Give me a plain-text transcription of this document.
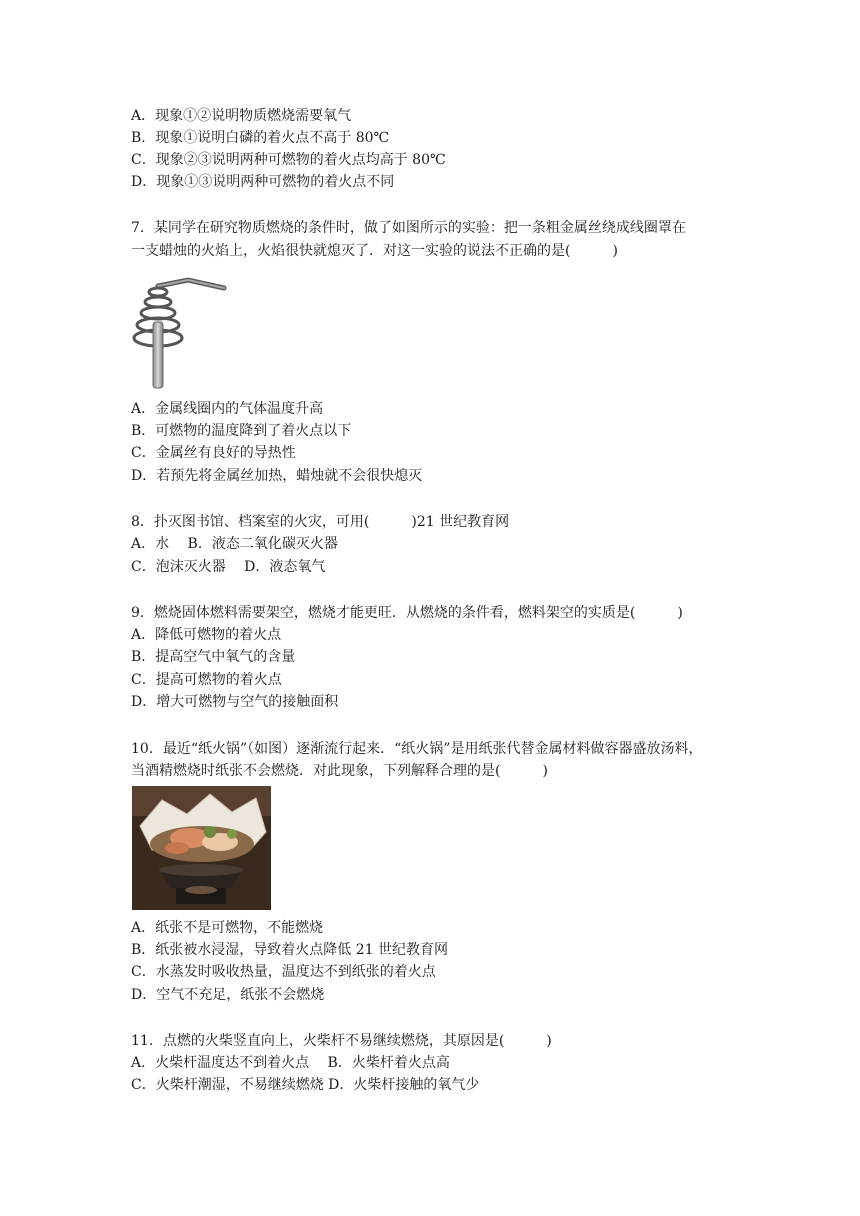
A．现象①②说明物质燃烧需要氧气
B．现象①说明白磷的着火点不高于 80℃
C．现象②③说明两种可燃物的着火点均高于 80℃
D．现象①③说明两种可燃物的着火点不同
7．某同学在研究物质燃烧的条件时，做了如图所示的实验：把一条粗金属丝绕成线圈罩在
一支蜡烛的火焰上，火焰很快就熄灭了．对这一实验的说法不正确的是(　　　)
A．金属线圈内的气体温度升高
B．可燃物的温度降到了着火点以下
C．金属丝有良好的导热性
D．若预先将金属丝加热，蜡烛就不会很快熄灭
8．扑灭图书馆、档案室的火灾，可用(　　　)21 世纪教育网
A．水　 B．液态二氧化碳灭火器
C．泡沫灭火器　 D．液态氧气
9．燃烧固体燃料需要架空，燃烧才能更旺．从燃烧的条件看，燃料架空的实质是(　　　)
A．降低可燃物的着火点
B．提高空气中氧气的含量
C．提高可燃物的着火点
D．增大可燃物与空气的接触面积
10．最近“纸火锅”（如图）逐渐流行起来．“纸火锅”是用纸张代替金属材料做容器盛放汤料，
当酒精燃烧时纸张不会燃烧．对此现象，下列解释合理的是(　　　)
A．纸张不是可燃物，不能燃烧
B．纸张被水浸湿，导致着火点降低 21 世纪教育网
C．水蒸发时吸收热量，温度达不到纸张的着火点
D．空气不充足，纸张不会燃烧
11．点燃的火柴竖直向上，火柴杆不易继续燃烧，其原因是(　　　)
A．火柴杆温度达不到着火点　 B．火柴杆着火点高
C．火柴杆潮湿，不易继续燃烧 D．火柴杆接触的氧气少
